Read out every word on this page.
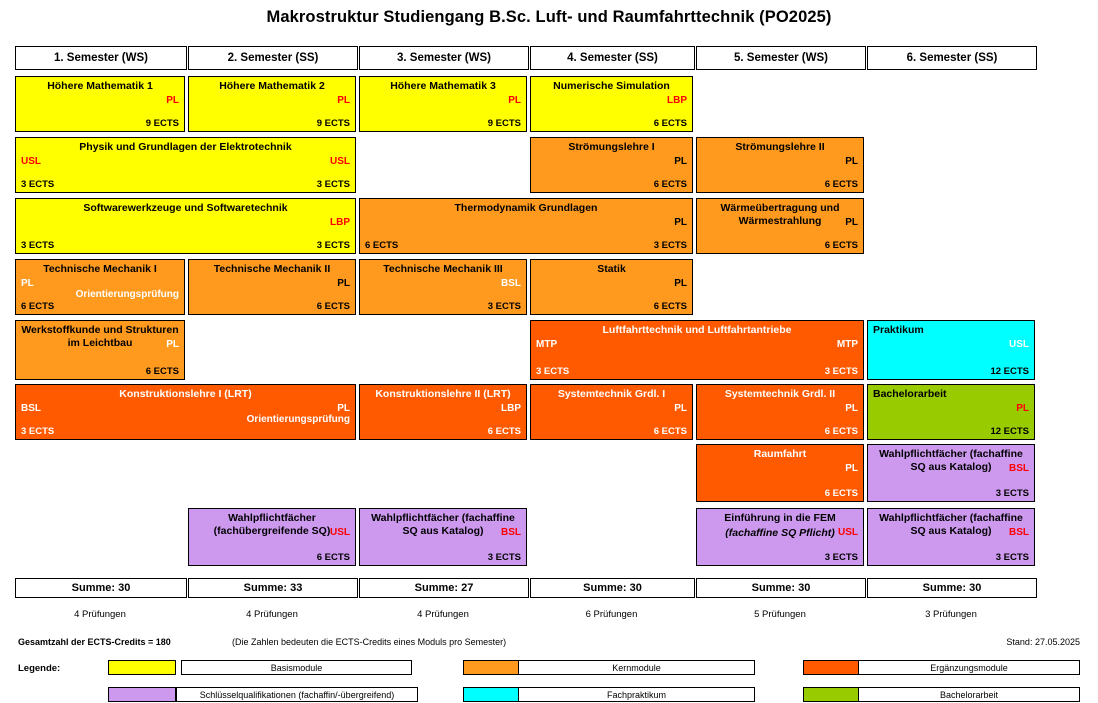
Makrostruktur Studiengang B.Sc. Luft- und Raumfahrttechnik (PO2025)
1. Semester (WS)	2. Semester (SS)	3. Semester (WS)	4. Semester (SS)	5. Semester (WS)	6. Semester (SS)
Höhere Mathematik 1
PL
9 ECTS
Höhere Mathematik 2
PL
9 ECTS
Höhere Mathematik 3
PL
9 ECTS
Numerische Simulation
LBP
6 ECTS
Physik und Grundlagen der Elektrotechnik
USL	USL
3 ECTS	3 ECTS
Strömungslehre I
PL
6 ECTS
Strömungslehre II
PL
6 ECTS
Softwarewerkzeuge und Softwaretechnik
LBP
3 ECTS	3 ECTS
Thermodynamik Grundlagen
PL
6 ECTS	3 ECTS
Wärmeübertragung und Wärmestrahlung	PL
6 ECTS
Technische Mechanik I
PL
Orientierungsprüfung
6 ECTS
Technische Mechanik II
PL
6 ECTS
Technische Mechanik III
BSL
3 ECTS
Statik
PL
6 ECTS
Werkstoffkunde und Strukturen im Leichtbau	PL
6 ECTS
Luftfahrttechnik und Luftfahrtantriebe
MTP	MTP
3 ECTS	3 ECTS
Praktikum
USL
12 ECTS
Konstruktionslehre I (LRT)
BSL	PL
Orientierungsprüfung
3 ECTS
Konstruktionslehre II (LRT)
LBP
6 ECTS
Systemtechnik Grdl. I
PL
6 ECTS
Systemtechnik Grdl. II
PL
6 ECTS
Bachelorarbeit
PL
12 ECTS
Raumfahrt
PL
6 ECTS
Wahlpflichtfächer (fachaffine SQ aus Katalog)	BSL
3 ECTS
Wahlpflichtfächer (fachübergreifende SQ) USL
6 ECTS
Wahlpflichtfächer (fachaffine SQ aus Katalog)	BSL
3 ECTS
Einführung in die FEM
(fachaffine SQ Pflicht) USL
3 ECTS
Wahlpflichtfächer (fachaffine SQ aus Katalog)	BSL
3 ECTS
Summe: 30	Summe: 33	Summe: 27	Summe: 30	Summe: 30	Summe: 30
4 Prüfungen	4 Prüfungen	4 Prüfungen	6 Prüfungen	5 Prüfungen	3 Prüfungen
Gesamtzahl der ECTS-Credits = 180	(Die Zahlen bedeuten die ECTS-Credits eines Moduls pro Semester)	Stand: 27.05.2025
Legende:	Basismodule	Kernmodule	Ergänzungsmodule
Schlüsselqualifikationen (fachaffin/-übergreifend)	Fachpraktikum	Bachelorarbeit
